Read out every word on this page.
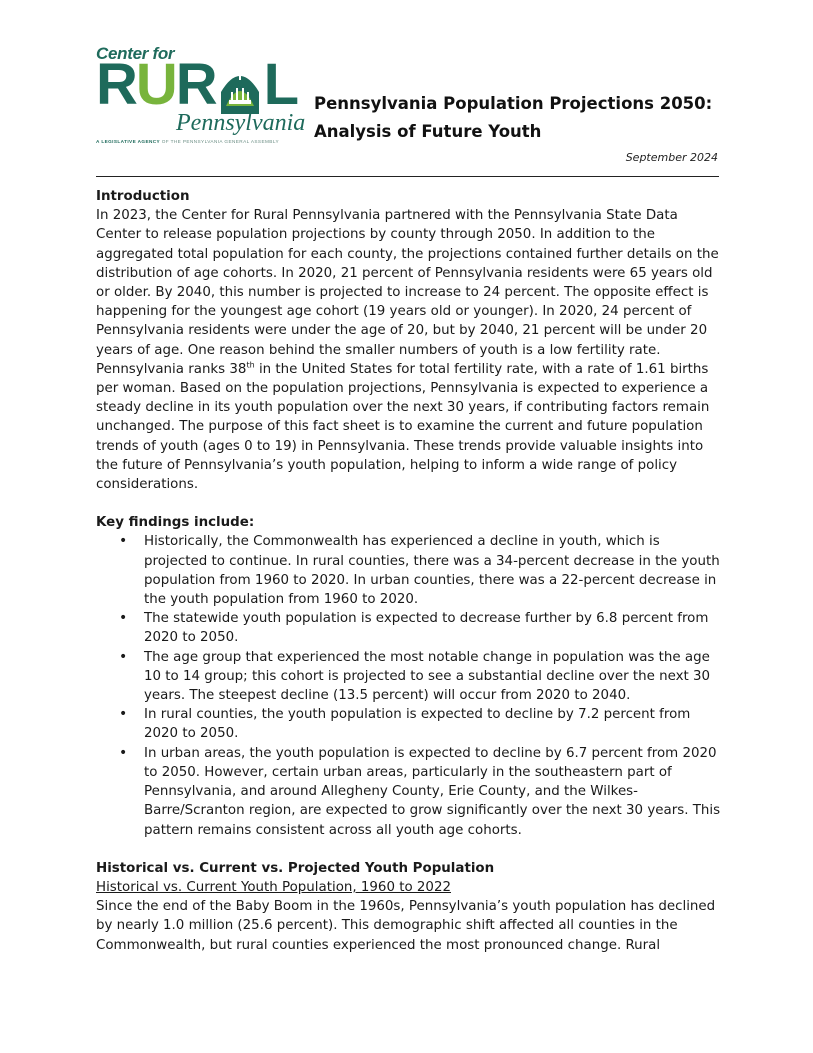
Center for
R U R L
Pennsylvania
A LEGISLATIVE AGENCY OF THE PENNSYLVANIA GENERAL ASSEMBLY
Pennsylvania Population Projections 2050:
Analysis of Future Youth
September 2024
Introduction

In 2023, the Center for Rural Pennsylvania partnered with the Pennsylvania State Data Center to release population projections by county through 2050. In addition to the aggregated total population for each county, the projections contained further details on the distribution of age cohorts. In 2020, 21 percent of Pennsylvania residents were 65 years old or older. By 2040, this number is projected to increase to 24 percent. The opposite effect is happening for the youngest age cohort (19 years old or younger). In 2020, 24 percent of Pennsylvania residents were under the age of 20, but by 2040, 21 percent will be under 20 years of age. One reason behind the smaller numbers of youth is a low fertility rate. Pennsylvania ranks 38th in the United States for total fertility rate, with a rate of 1.61 births per woman. Based on the population projections, Pennsylvania is expected to experience a steady decline in its youth population over the next 30 years, if contributing factors remain unchanged. The purpose of this fact sheet is to examine the current and future population trends of youth (ages 0 to 19) in Pennsylvania. These trends provide valuable insights into the future of Pennsylvania’s youth population, helping to inform a wide range of policy considerations.

Key findings include:
• Historically, the Commonwealth has experienced a decline in youth, which is projected to continue. In rural counties, there was a 34-percent decrease in the youth population from 1960 to 2020. In urban counties, there was a 22-percent decrease in the youth population from 1960 to 2020.
• The statewide youth population is expected to decrease further by 6.8 percent from 2020 to 2050.
• The age group that experienced the most notable change in population was the age 10 to 14 group; this cohort is projected to see a substantial decline over the next 30 years. The steepest decline (13.5 percent) will occur from 2020 to 2040.
• In rural counties, the youth population is expected to decline by 7.2 percent from 2020 to 2050.
• In urban areas, the youth population is expected to decline by 6.7 percent from 2020 to 2050. However, certain urban areas, particularly in the southeastern part of Pennsylvania, and around Allegheny County, Erie County, and the Wilkes-Barre/Scranton region, are expected to grow significantly over the next 30 years. This pattern remains consistent across all youth age cohorts.
Historical vs. Current vs. Projected Youth Population
Historical vs. Current Youth Population, 1960 to 2022

Since the end of the Baby Boom in the 1960s, Pennsylvania’s youth population has declined by nearly 1.0 million (25.6 percent). This demographic shift affected all counties in the Commonwealth, but rural counties experienced the most pronounced change. Rural
